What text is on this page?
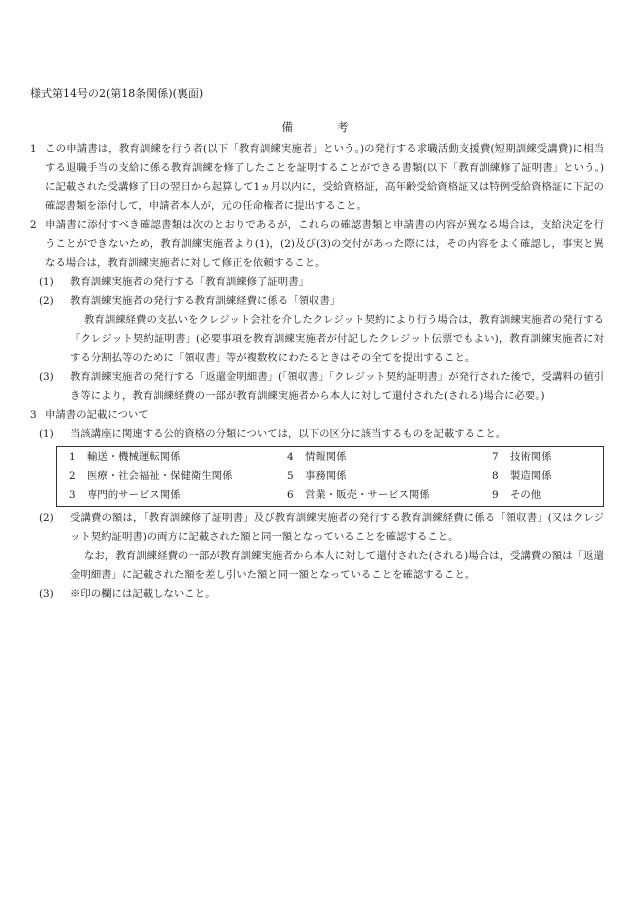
様式第14号の2(第18条関係)(裏面)
備考

1 この申請書は，教育訓練を行う者(以下「教育訓練実施者」という。)の発行する求職活動支援費(短期訓練受講費)に相当する退職手当の支給に係る教育訓練を修了したことを証明することができる書類(以下「教育訓練修了証明書」という。)に記載された受講修了日の翌日から起算して1ヵ月以内に，受給資格証，高年齢受給資格証又は特例受給資格証に下記の確認書類を添付して，申請者本人が，元の任命権者に提出すること。

2 申請書に添付すべき確認書類は次のとおりであるが，これらの確認書類と申請書の内容が異なる場合は，支給決定を行うことができないため，教育訓練実施者より(1)，(2)及び(3)の交付があった際には，その内容をよく確認し，事実と異なる場合は，教育訓練実施者に対して修正を依頼すること。

(1)	教育訓練実施者の発行する「教育訓練修了証明書」

(2)	教育訓練実施者の発行する教育訓練経費に係る「領収書」

教育訓練経費の支払いをクレジット会社を介したクレジット契約により行う場合は，教育訓練実施者の発行する「クレジット契約証明書」(必要事項を教育訓練実施者が付記したクレジット伝票でもよい)，教育訓練実施者に対する分割払等のために「領収書」等が複数枚にわたるときはその全てを提出すること。

(3)	教育訓練実施者の発行する「返還金明細書」(「領収書」「クレジット契約証明書」が発行された後で，受講料の値引き等により，教育訓練経費の一部が教育訓練実施者から本人に対して還付された(される)場合に必要。)

3 申請書の記載について

(1)	当該講座に関連する公的資格の分類については，以下の区分に該当するものを記載すること。

1 輸送・機械運転関係	4 情報関係	7 技術関係
2 医療・社会福祉・保健衛生関係	5 事務関係	8 製造関係
3 専門的サービス関係	6 営業・販売・サービス関係	9 その他

(2)	受講費の額は，「教育訓練修了証明書」及び教育訓練実施者の発行する教育訓練経費に係る「領収書」(又はクレジット契約証明書)の両方に記載された額と同一額となっていることを確認すること。

なお，教育訓練経費の一部が教育訓練実施者から本人に対して還付された(される)場合は，受講費の額は「返還金明細書」に記載された額を差し引いた額と同一額となっていることを確認すること。

(3)	※印の欄には記載しないこと。
